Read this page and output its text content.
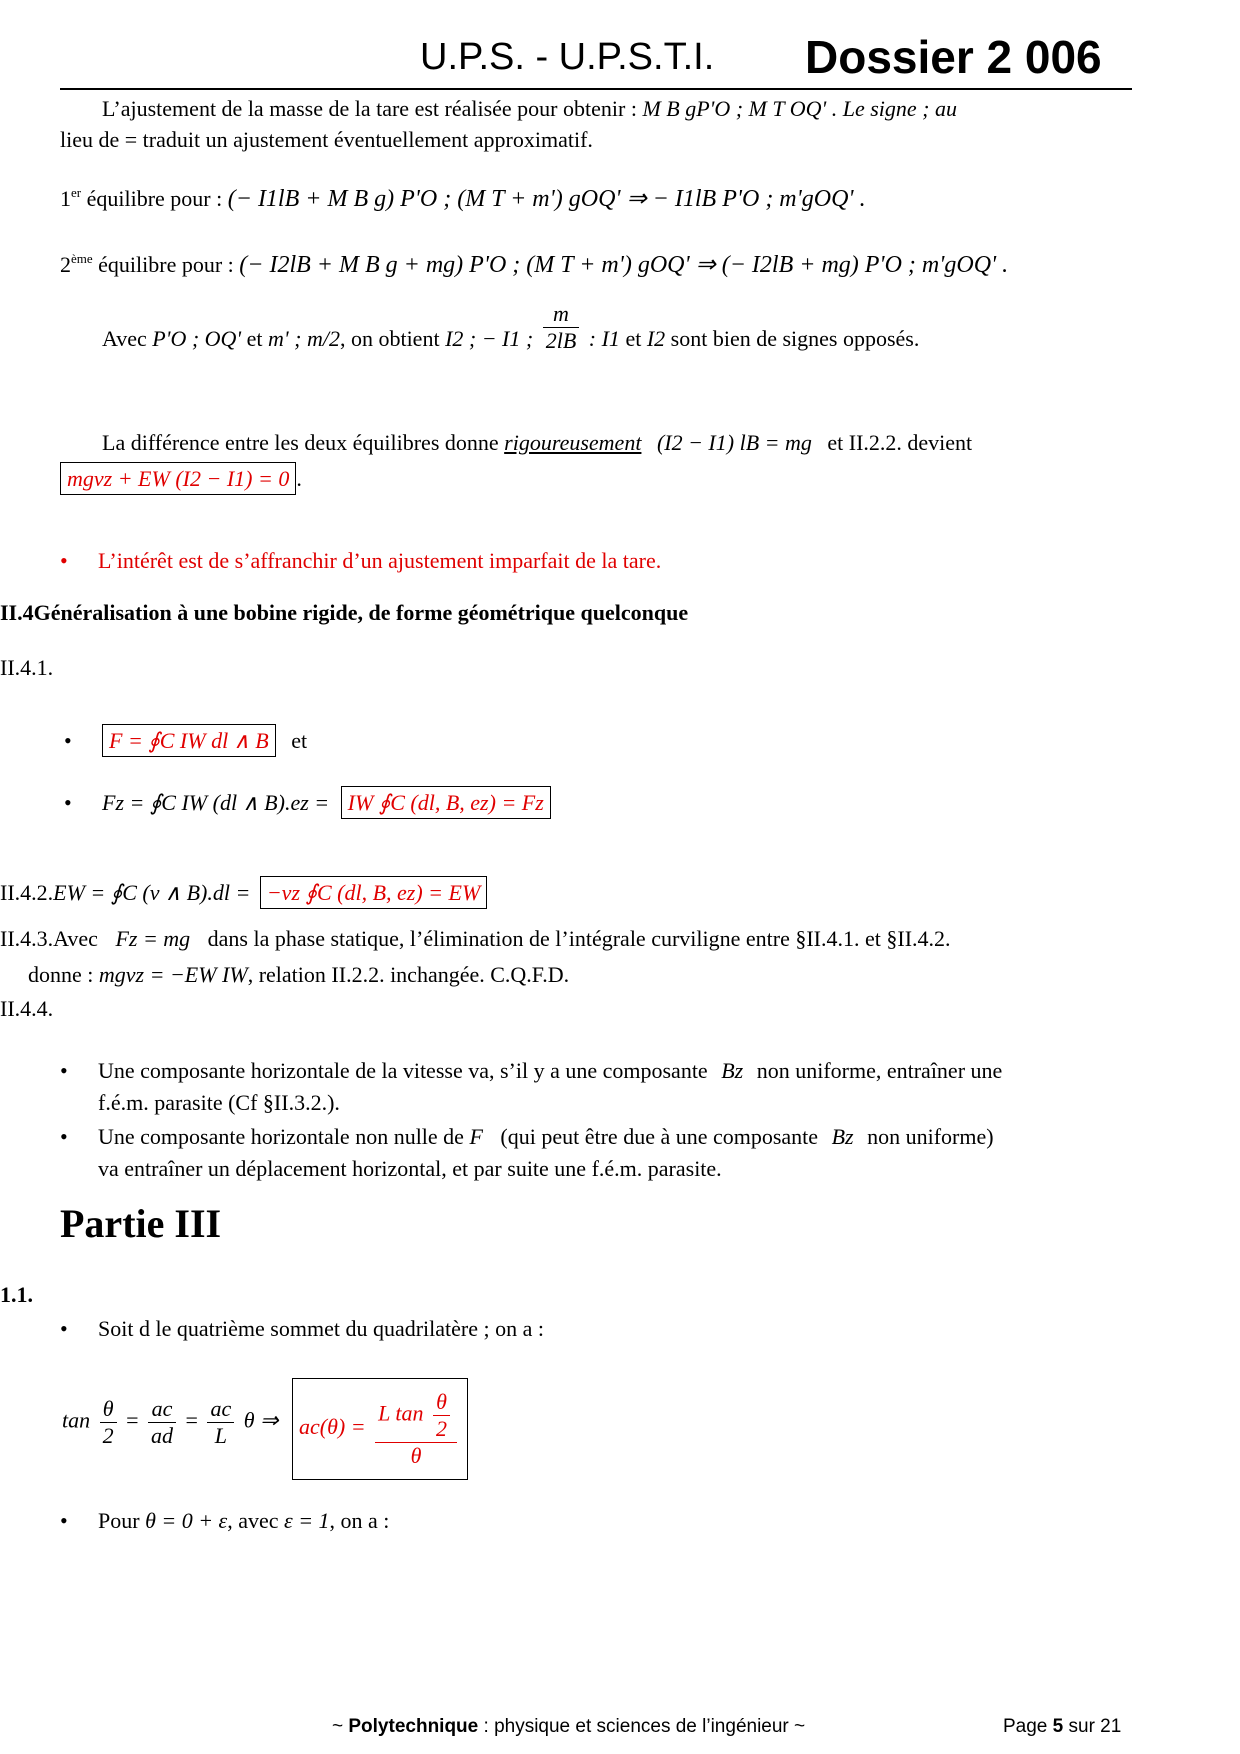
U.P.S. - U.P.S.T.I. Dossier 2 006
L’ajustement de la masse de la tare est réalisée pour obtenir : M B gP'O ; M T OQ' . Le signe ; au
lieu de = traduit un ajustement éventuellement approximatif.
1er équilibre pour : (− I1lB + M B g) P'O ; (M T + m') gOQ' ⇒ − I1lB P'O ; m'gOQ' .
2ème équilibre pour : (− I2lB + M B g + mg) P'O ; (M T + m') gOQ' ⇒ (− I2lB + mg) P'O ; m'gOQ' .
Avec P'O ; OQ' et m' ; m/2, on obtient I2 ; − I1 ; $\frac{m}{2lB}$ : I1 et I2 sont bien de signes opposés.
La différence entre les deux équilibres donne rigoureusement (I2 − I1) lB = mg et II.2.2. devient
mgvz + EW (I2 − I1) = 0 .
• L’intérêt est de s’affranchir d’un ajustement imparfait de la tare.
II.4Généralisation à une bobine rigide, de forme géométrique quelconque
II.4.1.
• F = ∮C IW dl ∧ B et
• Fz = ∮C IW (dl ∧ B).ez = IW ∮C (dl, B, ez) = Fz
II.4.2.EW = ∮C (v ∧ B).dl = −vz ∮C (dl, B, ez) = EW
II.4.3.Avec Fz = mg dans la phase statique, l’élimination de l’intégrale curviligne entre §II.4.1. et §II.4.2.
donne : mgvz = −EW IW, relation II.2.2. inchangée. C.Q.F.D.
II.4.4.
• Une composante horizontale de la vitesse va, s’il y a une composante Bz non uniforme, entraîner une
f.é.m. parasite (Cf §II.3.2.).
• Une composante horizontale non nulle de F (qui peut être due à une composante Bz non uniforme)
va entraîner un déplacement horizontal, et par suite une f.é.m. parasite.
Partie III
1.1.
• Soit d le quatrième sommet du quadrilatère ; on a :
$\tan \frac{\theta}{2} = \frac{ac}{ad} = \frac{ac}{L}$ θ ⇒ $ac(\theta) = \frac{L \tan \frac{\theta}{2}}{\theta}$
• Pour θ = 0 + ε, avec ε = 1, on a :
~ Polytechnique : physique et sciences de l’ingénieur ~	Page 5 sur 21
